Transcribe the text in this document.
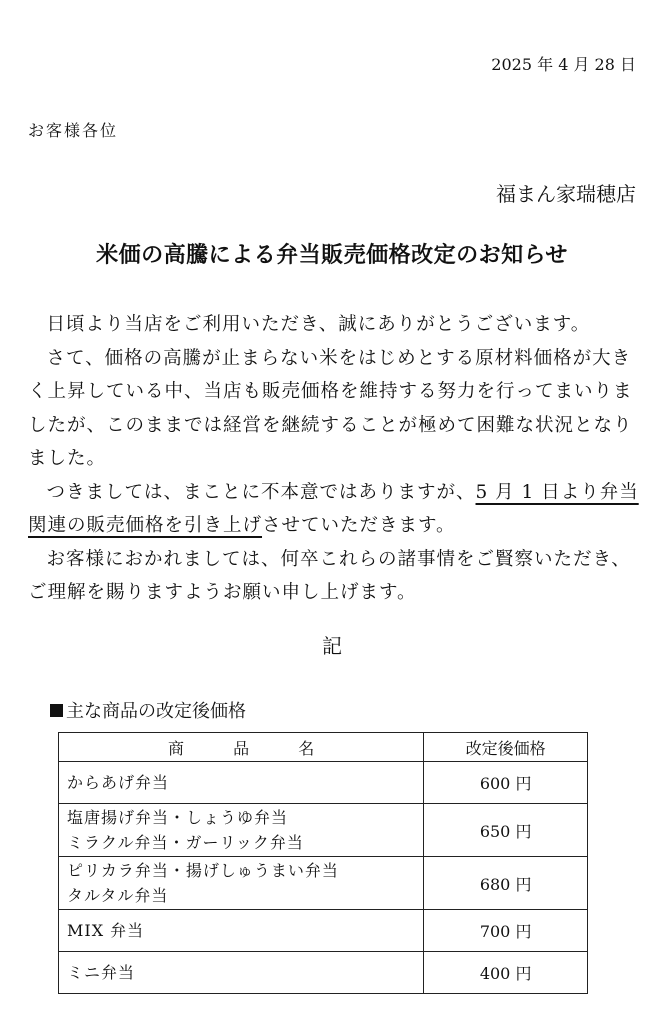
2025 年 4 月 28 日
お客様各位
福まん家瑞穂店
米価の高騰による弁当販売価格改定のお知らせ

日頃より当店をご利用いただき、誠にありがとうございます。

さて、価格の高騰が止まらない米をはじめとする原材料価格が大きく上昇している中、当店も販売価格を維持する努力を行ってまいりましたが、このままでは経営を継続することが極めて困難な状況となりました。

つきましては、まことに不本意ではありますが、5 月 1 日より弁当関連の販売価格を引き上げさせていただきます。

お客様におかれましては、何卒これらの諸事情をご賢察いただき、ご理解を賜りますようお願い申し上げます。

記
主な商品の改定後価格
商 品 名	改定後価格

からあげ弁当	600 円

塩唐揚げ弁当・しょうゆ弁当
ミラクル弁当・ガーリック弁当	650 円

ピリカラ弁当・揚げしゅうまい弁当
タルタル弁当	680 円

MIX 弁当	700 円

ミニ弁当	400 円
